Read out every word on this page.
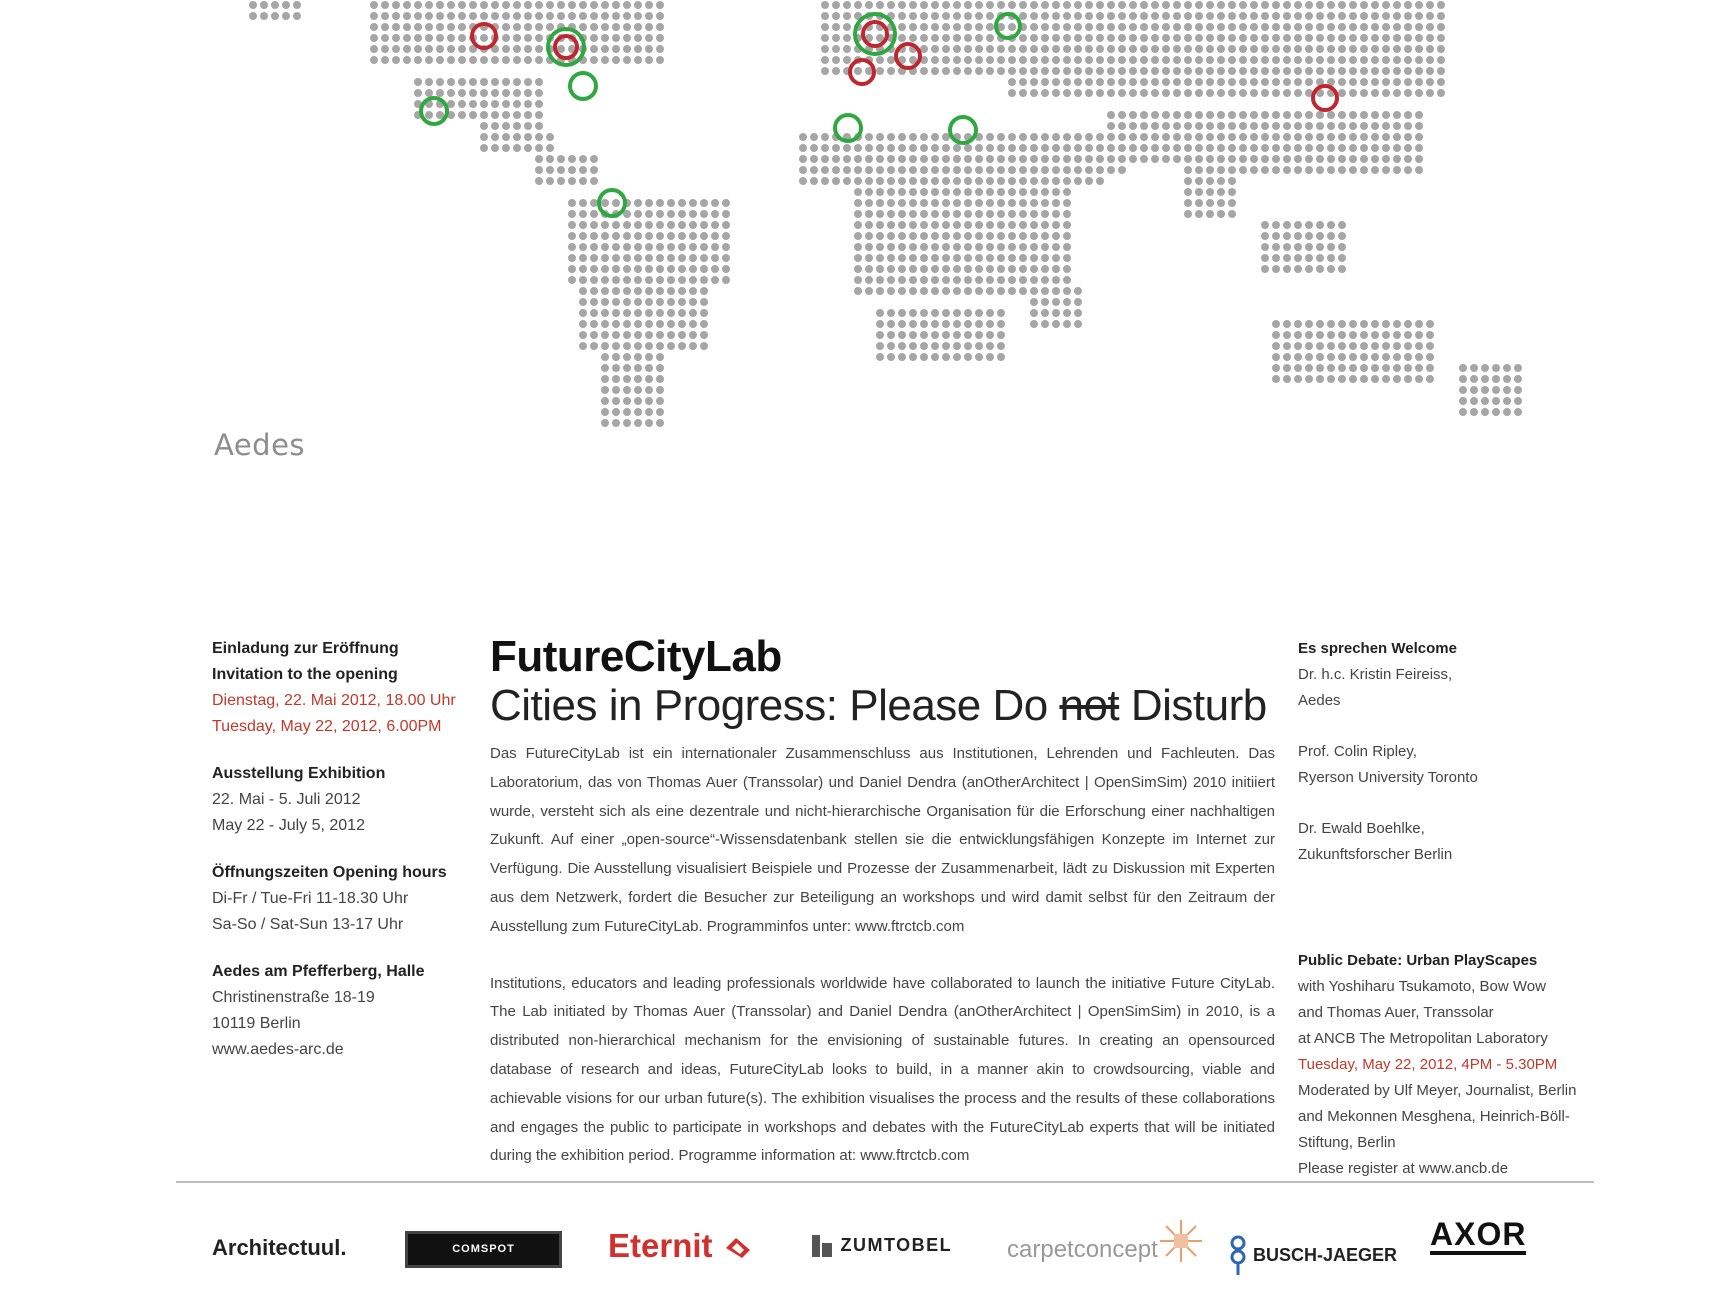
Aedes
Einladung zur Eröffnung
Invitation to the opening
Dienstag, 22. Mai 2012, 18.00 Uhr
Tuesday, May 22, 2012, 6.00PM
Ausstellung Exhibition
22. Mai - 5. Juli 2012
May 22 - July 5, 2012
Öffnungszeiten Opening hours
Di-Fr / Tue-Fri 11-18.30 Uhr
Sa-So / Sat-Sun 13-17 Uhr
Aedes am Pfefferberg, Halle
Christinenstraße 18-19
10119 Berlin
www.aedes-arc.de
FutureCityLab
Cities in Progress: Please Do not Disturb

Das FutureCityLab ist ein internationaler Zusammenschluss aus Institutionen, Lehrenden und Fachleuten. Das Laboratorium, das von Thomas Auer (Transsolar) und Daniel Dendra (anOtherArchitect | OpenSimSim) 2010 initiiert wurde, versteht sich als eine dezentrale und nicht-hierarchische Organisation für die Erforschung einer nachhaltigen Zukunft. Auf einer „open-source“-Wissensdatenbank stellen sie die entwicklungsfähigen Konzepte im Internet zur Verfügung. Die Ausstellung visualisiert Beispiele und Prozesse der Zusammenarbeit, lädt zu Diskussion mit Experten aus dem Netzwerk, fordert die Besucher zur Beteiligung an workshops und wird damit selbst für den Zeitraum der Ausstellung zum FutureCityLab. Programminfos unter: www.ftrctcb.com

Institutions, educators and leading professionals worldwide have collaborated to launch the initiative Future CityLab. The Lab initiated by Thomas Auer (Transsolar) and Daniel Dendra (anOtherArchitect | OpenSimSim) in 2010, is a distributed non-hierarchical mechanism for the envisioning of sustainable futures. In creating an opensourced database of research and ideas, FutureCityLab looks to build, in a manner akin to crowdsourcing, viable and achievable visions for our urban future(s). The exhibition visualises the process and the results of these collaborations and engages the public to participate in workshops and debates with the FutureCityLab experts that will be initiated during the exhibition period. Programme information at: www.ftrctcb.com

Es sprechen Welcome
Dr. h.c. Kristin Feireiss,
Aedes
Prof. Colin Ripley,
Ryerson University Toronto
Dr. Ewald Boehlke,
Zukunftsforscher Berlin
Public Debate: Urban PlayScapes
with Yoshiharu Tsukamoto, Bow Wow
and Thomas Auer, Transsolar
at ANCB The Metropolitan Laboratory
Tuesday, May 22, 2012, 4PM - 5.30PM
Moderated by Ulf Meyer, Journalist, Berlin
and Mekonnen Mesghena, Heinrich-Böll-
Stiftung, Berlin
Please register at www.ancb.de
Architectuul.	COMSPOT	Eternit	ZUMTOBEL carpetconcept	BUSCH-JAEGER
AXOR
